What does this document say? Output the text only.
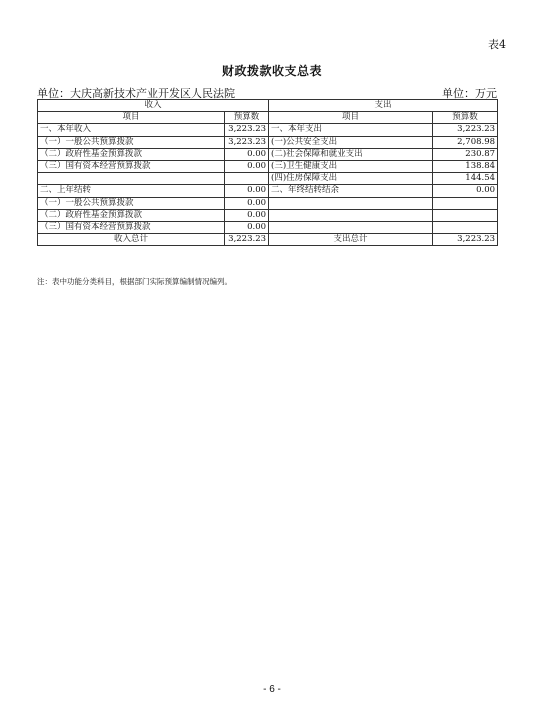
表4
财政拨款收支总表
单位：大庆高新技术产业开发区人民法院	单位：万元
收入		支出	
项目	预算数	项目	预算数
一、本年收入	3,223.23	一、本年支出	3,223.23
（一）一般公共预算拨款	3,223.23	(一)公共安全支出	2,708.98
（二）政府性基金预算拨款	0.00	(二)社会保障和就业支出	230.87
（三）国有资本经营预算拨款	0.00	(三)卫生健康支出	138.84
		(四)住房保障支出	144.54
二、上年结转	0.00	二、年终结转结余	0.00
（一）一般公共预算拨款	0.00		
（二）政府性基金预算拨款	0.00		
（三）国有资本经营预算拨款	0.00		
收入总计	3,223.23	支出总计	3,223.23
注：表中功能分类科目，根据部门实际预算编制情况编列。
- 6 -
